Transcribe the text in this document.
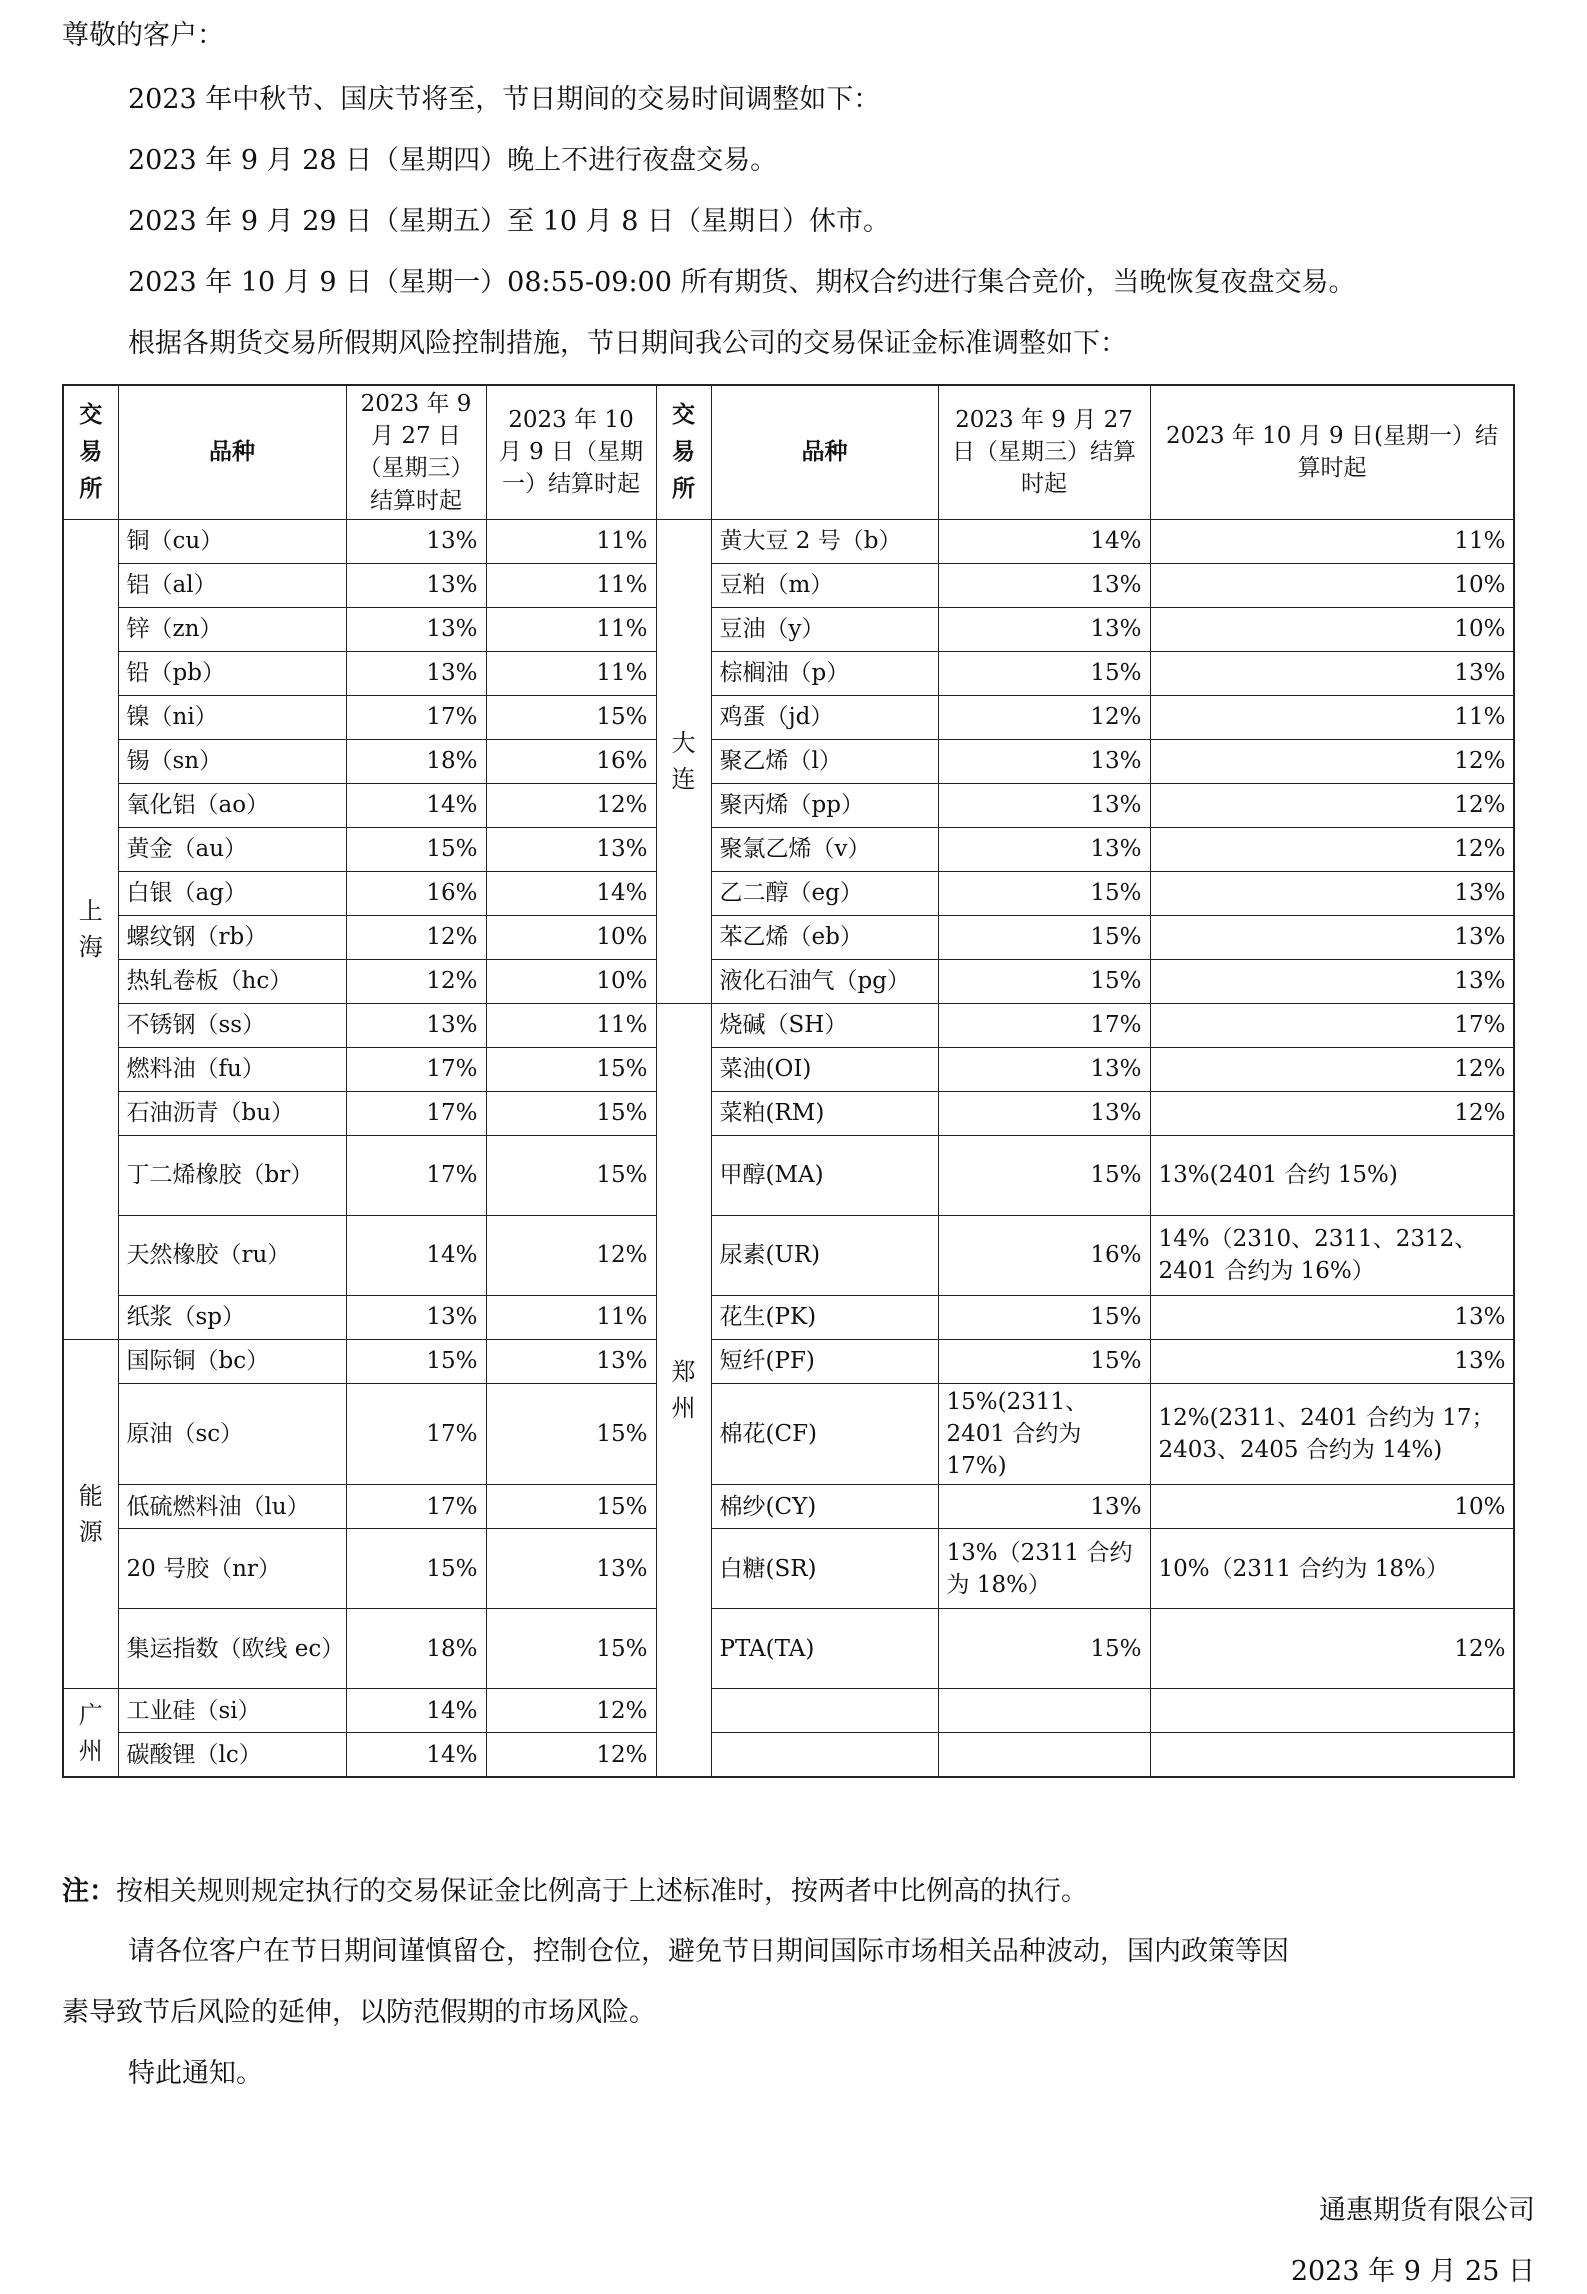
尊敬的客户：
2023 年中秋节、国庆节将至，节日期间的交易时间调整如下：
2023 年 9 月 28 日（星期四）晚上不进行夜盘交易。
2023 年 9 月 29 日（星期五）至 10 月 8 日（星期日）休市。
2023 年 10 月 9 日（星期一）08:55-09:00 所有期货、期权合约进行集合竞价，当晚恢复夜盘交易。
根据各期货交易所假期风险控制措施，节日期间我公司的交易保证金标准调整如下：
交易所	品种	2023 年 9 月 27 日（星期三）结算时起	2023 年 10 月 9 日（星期一）结算时起	交易所	品种	2023 年 9 月 27 日（星期三）结算时起	2023 年 10 月 9 日(星期一）结算时起	
上海	铜（cu）	13%	11%	大连	黄大豆 2 号（b）	14%	11%	
	铝（al）	13%	11%		豆粕（m）	13%	10%	
	锌（zn）	13%	11%		豆油（y）	13%	10%	
	铅（pb）	13%	11%		棕榈油（p）	15%	13%	
	镍（ni）	17%	15%		鸡蛋（jd）	12%	11%	
	锡（sn）	18%	16%		聚乙烯（l）	13%	12%	
	氧化铝（ao）	14%	12%		聚丙烯（pp）	13%	12%	
	黄金（au）	15%	13%		聚氯乙烯（v）	13%	12%	
	白银（ag）	16%	14%		乙二醇（eg）	15%	13%	
	螺纹钢（rb）	12%	10%		苯乙烯（eb）	15%	13%	
	热轧卷板（hc）	12%	10%		液化石油气（pg）	15%	13%	
	不锈钢（ss）	13%	11%	郑州	烧碱（SH）	17%	17%	
	燃料油（fu）	17%	15%		菜油(OI)	13%	12%	
	石油沥青（bu）	17%	15%		菜粕(RM)	13%	12%	
	丁二烯橡胶（br）	17%	15%		甲醇(MA)	15%	13%(2401 合约 15%)	
	天然橡胶（ru）	14%	12%		尿素(UR)	16%	14%（2310、2311、2312、2401 合约为 16%）	
	纸浆（sp）	13%	11%		花生(PK)	15%	13%	
能源	国际铜（bc）	15%	13%		短纤(PF)	15%	13%	
	原油（sc）	17%	15%		棉花(CF)	15%(2311、2401 合约为 17%)	12%(2311、2401 合约为 17；2403、2405 合约为 14%)	
	低硫燃料油（lu）	17%	15%		棉纱(CY)	13%	10%	
	20 号胶（nr）	15%	13%		白糖(SR)	13%（2311 合约为 18%）	10%（2311 合约为 18%）	
	集运指数（欧线 ec）	18%	15%		PTA(TA)	15%	12%	
广州	工业硅（si）	14%	12%					
	碳酸锂（lc）	14%	12%					
注：按相关规则规定执行的交易保证金比例高于上述标准时，按两者中比例高的执行。
请各位客户在节日期间谨慎留仓，控制仓位，避免节日期间国际市场相关品种波动，国内政策等因
素导致节后风险的延伸，以防范假期的市场风险。
特此通知。
通惠期货有限公司
2023 年 9 月 25 日
